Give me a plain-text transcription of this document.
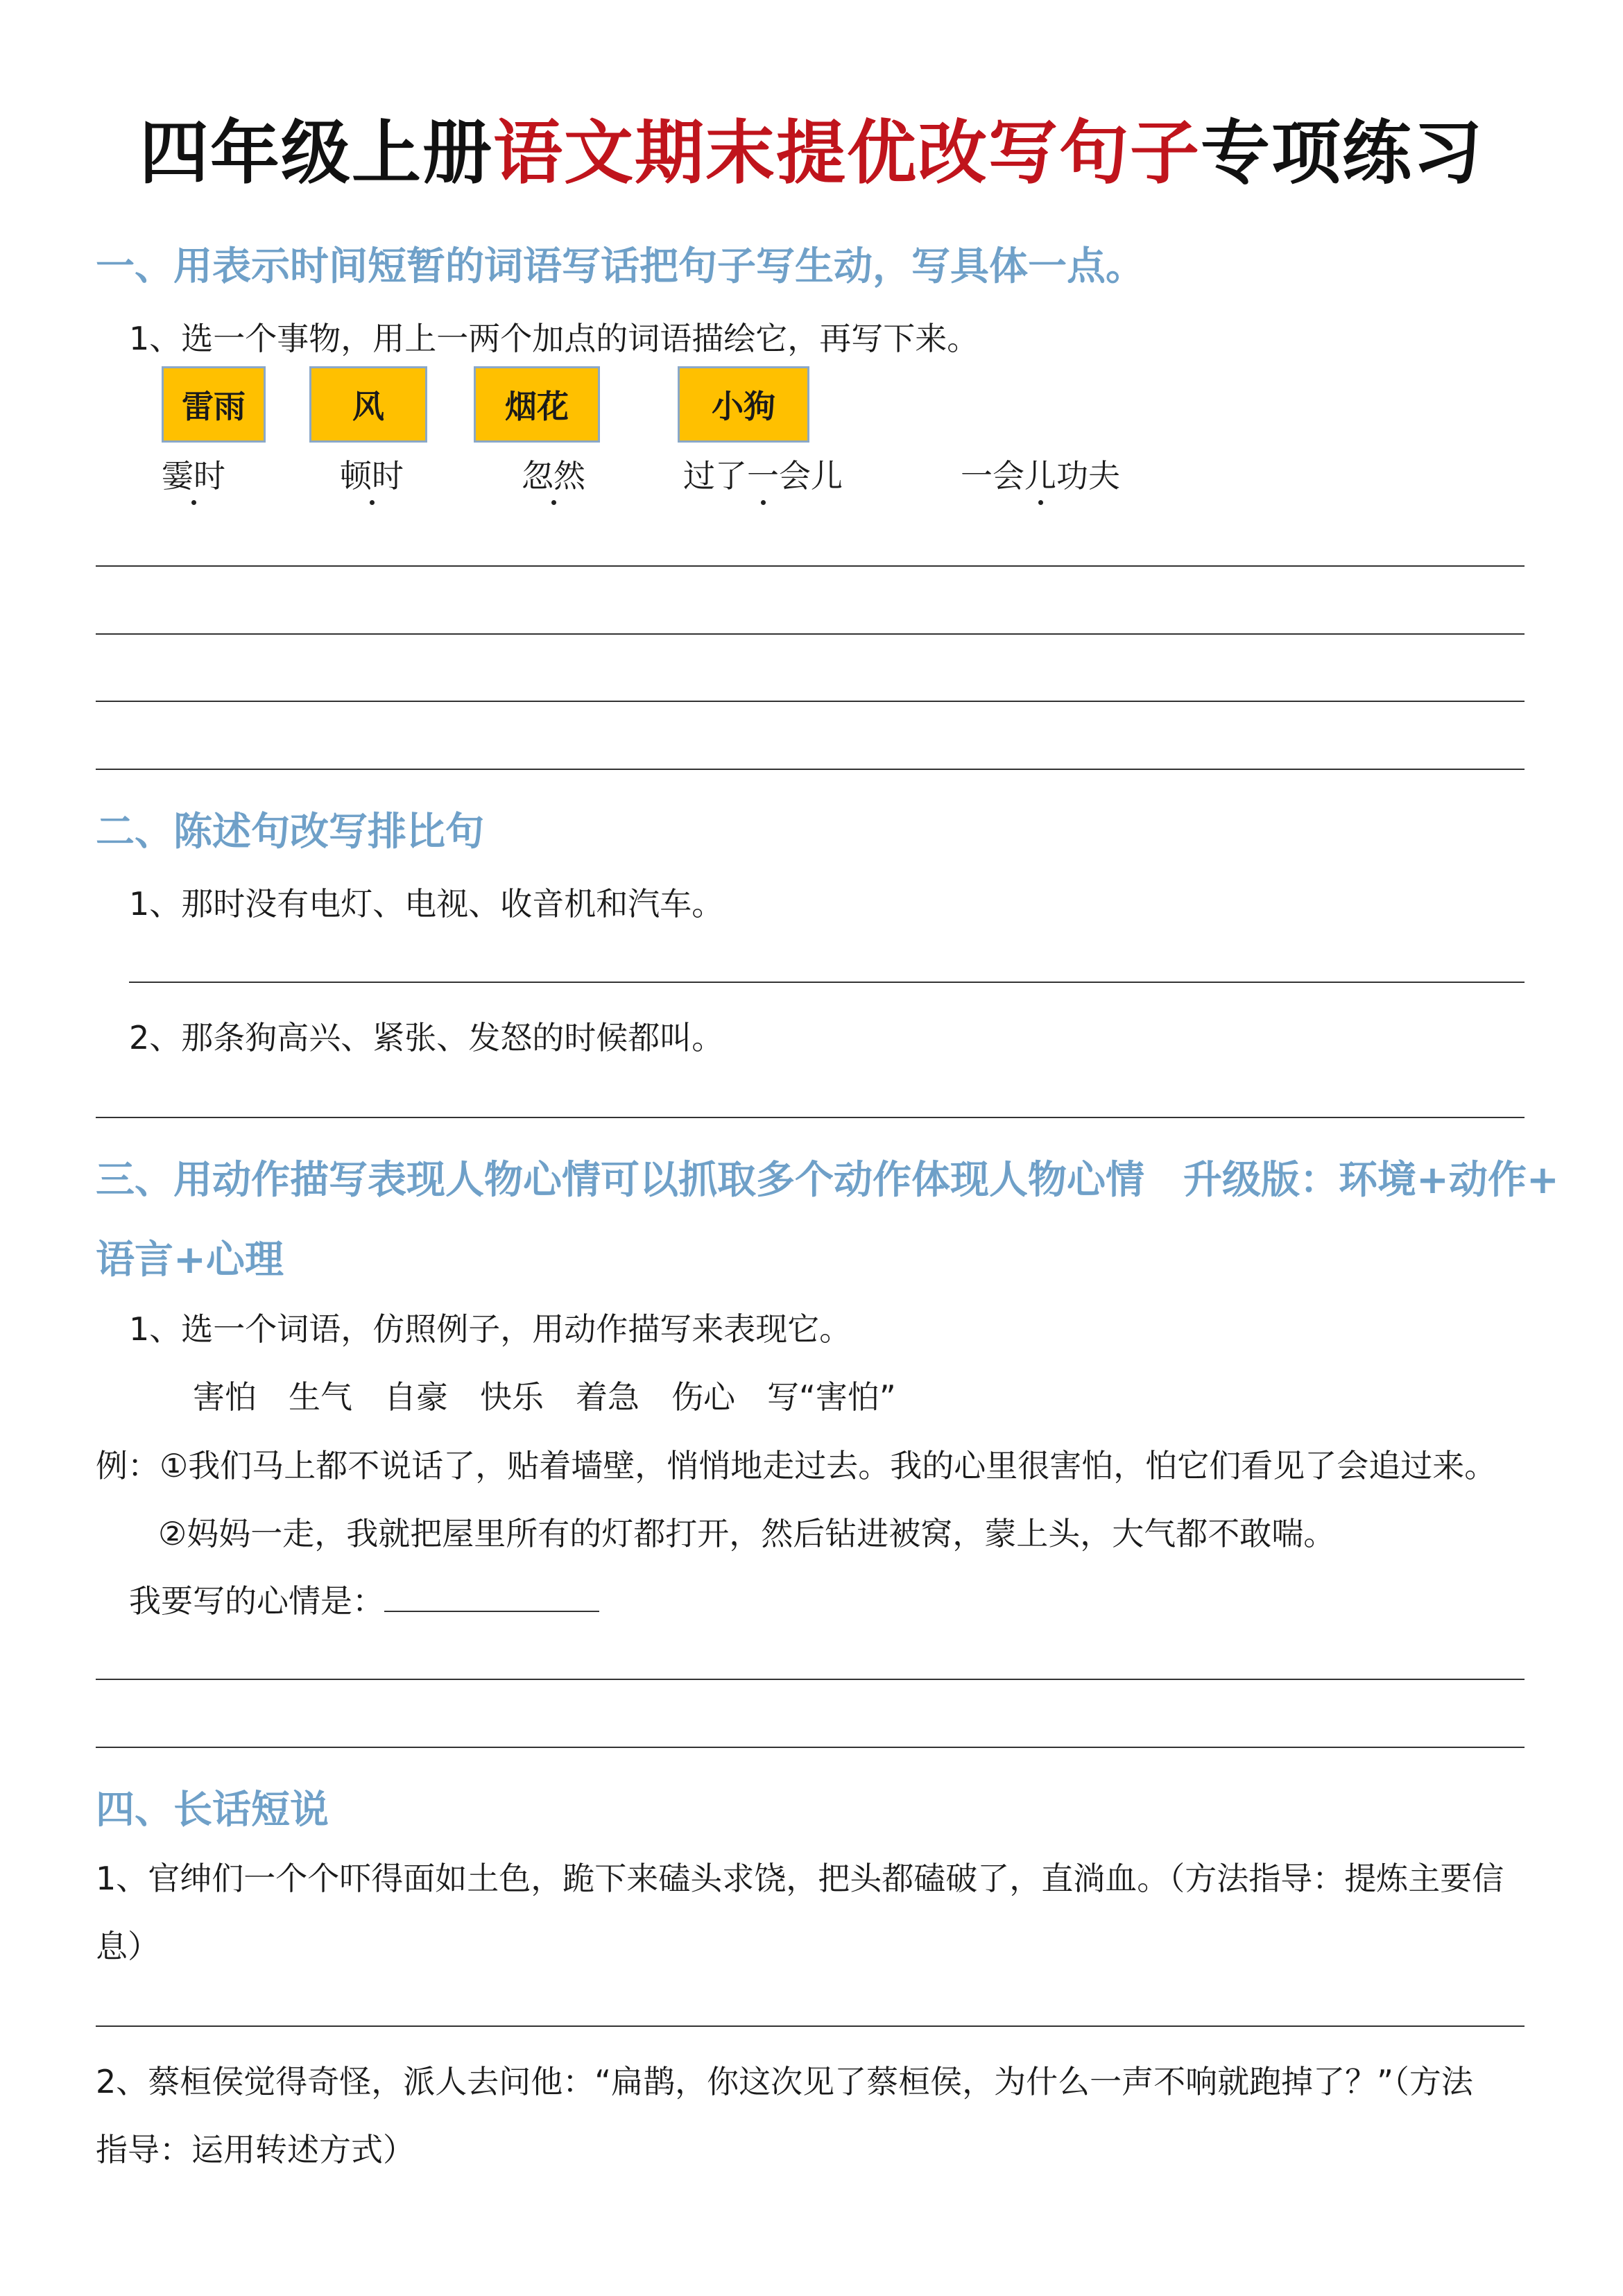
四年级上册语文期末提优改写句子专项练习
一、用表示时间短暂的词语写话把句子写生动，写具体一点。
1、选一个事物，用上一两个加点的词语描绘它，再写下来。
雷雨	风	烟花	小狗
霎时	顿时	忽然	过了一会儿	一会儿功夫
二、陈述句改写排比句
1、那时没有电灯、电视、收音机和汽车。
2、那条狗高兴、紧张、发怒的时候都叫。
三、用动作描写表现人物心情可以抓取多个动作体现人物心情　升级版：环境+动作+
语言+心理
1、选一个词语，仿照例子，用动作描写来表现它。
害怕　生气　自豪　快乐　着急　伤心　写“害怕”
例：①我们马上都不说话了，贴着墙壁，悄悄地走过去。我的心里很害怕，怕它们看见了会追过来。
②妈妈一走，我就把屋里所有的灯都打开，然后钻进被窝，蒙上头，大气都不敢喘。
我要写的心情是：
四、长话短说
1、官绅们一个个吓得面如土色，跪下来磕头求饶，把头都磕破了，直淌血。（方法指导：提炼主要信
息）
2、蔡桓侯觉得奇怪，派人去问他：“扁鹊，你这次见了蔡桓侯，为什么一声不响就跑掉了？”（方法
指导：运用转述方式）
